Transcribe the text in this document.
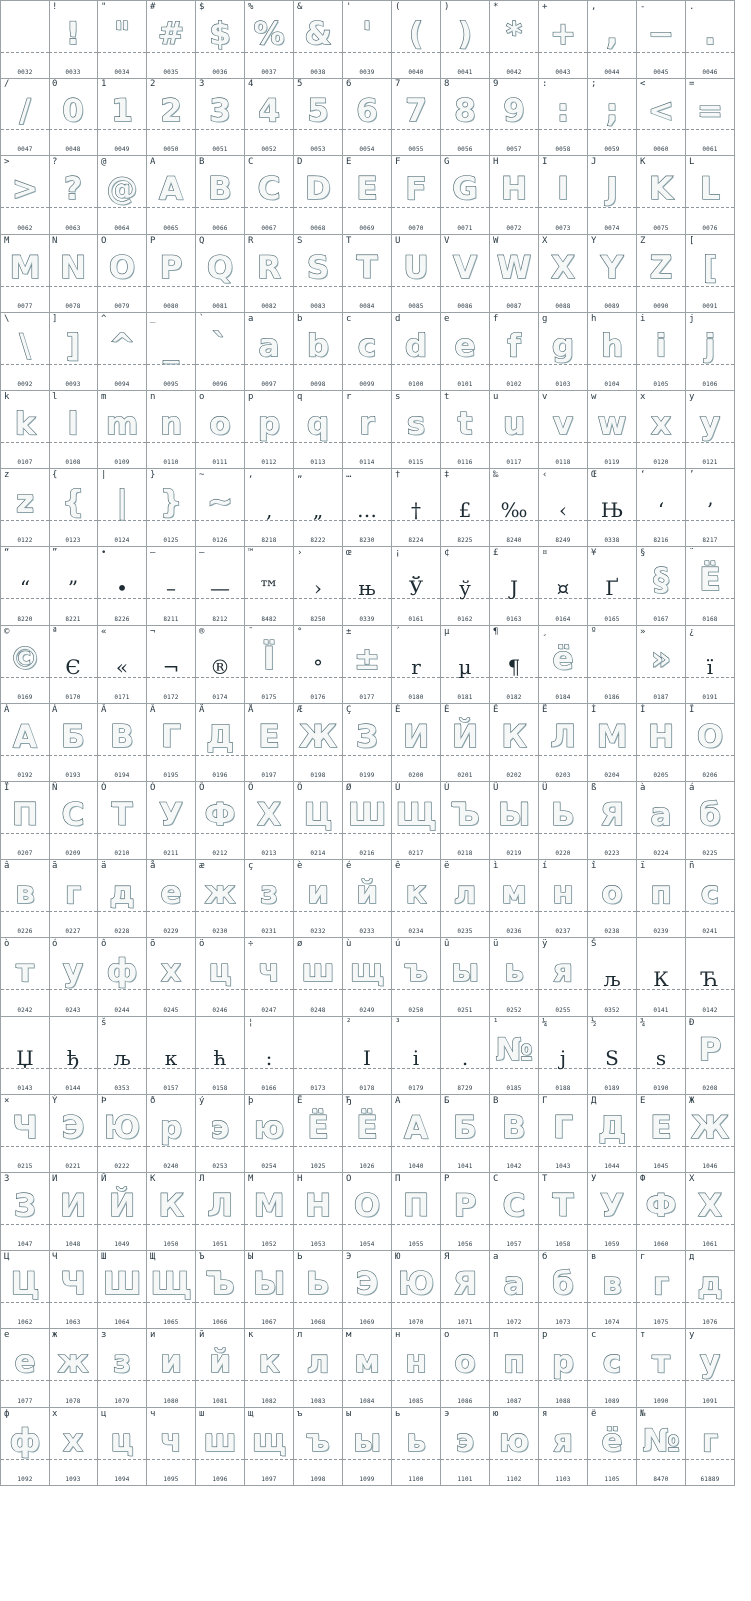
0032
!
!
0033
"
"
0034
#
#
0035
$
$
0036
%
%
0037
&
&
0038
'
'
0039
(
(
0040
)
)
0041
*
*
0042
+
+
0043
,
,
0044
-
−
0045
.
.
0046
/
/
0047
0
0
0048
1
1
0049
2
2
0050
3
3
0051
4
4
0052
5
5
0053
6
6
0054
7
7
0055
8
8
0056
9
9
0057
:
:
0058
;
;
0059
<
<
0060
=
=
0061
>
>
0062
?
?
0063
@
@
0064
A
A
0065
B
B
0066
C
C
0067
D
D
0068
E
E
0069
F
F
0070
G
G
0071
H
H
0072
I
I
0073
J
J
0074
K
K
0075
L
L
0076
M
M
0077
N
N
0078
O
O
0079
P
P
0080
Q
Q
0081
R
R
0082
S
S
0083
T
T
0084
U
U
0085
V
V
0086
W
W
0087
X
X
0088
Y
Y
0089
Z
Z
0090
[
[
0091
\
\
0092
]
]
0093
^
^
0094
_
_
0095
`
`
0096
a
a
0097
b
b
0098
c
c
0099
d
d
0100
e
e
0101
f
f
0102
g
g
0103
h
h
0104
i
i
0105
j
j
0106
k
k
0107
l
l
0108
m
m
0109
n
n
0110
o
o
0111
p
p
0112
q
q
0113
r
r
0114
s
s
0115
t
t
0116
u
u
0117
v
v
0118
w
w
0119
x
x
0120
y
y
0121
z
z
0122
{
{
0123
|
|
0124
}
}
0125
~
~
0126
‚
‚
8218
„
„
8222
…
…
8230
†
†
8224
‡
£
8225
‰
‰
8240
‹
‹
8249
Œ
Њ
0338
‘
‘
8216
’
’
8217
“
“
8220
”
”
8221
•
•
8226
–
–
8211
—
—
8212
™
™
8482
›
›
8250
œ
њ
0339
¡
Ў
0161
¢
ў
0162
£
J
0163
¤
¤
0164
¥
Ґ
0165
§
§
0167
¨
Ë
0168
©
©
0169
ª
Є
0170
«
«
0171
¬
¬
0172
®
®
0174
¯
Ї
0175
°
°
0176
±
±
0177
´
r
0180
µ
µ
0181
¶
¶
0182
¸
ë
0184
º
0186
»
»
0187
¿
ï
0191
À
А
0192
Á
Б
0193
Â
В
0194
Ã
Г
0195
Ä
Д
0196
Å
Е
0197
Æ
Ж
0198
Ç
З
0199
È
И
0200
É
Й
0201
Ê
К
0202
Ë
Л
0203
Ì
М
0204
Í
Н
0205
Î
О
0206
Ï
П
0207
Ñ
С
0209
Ò
Т
0210
Ó
У
0211
Ô
Ф
0212
Õ
Х
0213
Ö
Ц
0214
Ø
Ш
0216
Ù
Щ
0217
Ú
Ъ
0218
Û
Ы
0219
Ü
Ь
0220
ß
Я
0223
à
а
0224
á
б
0225
â
в
0226
ã
г
0227
ä
д
0228
å
е
0229
æ
ж
0230
ç
з
0231
è
и
0232
é
й
0233
ê
к
0234
ë
л
0235
ì
м
0236
í
н
0237
î
о
0238
ï
п
0239
ñ
с
0241
ò
т
0242
ó
у
0243
ô
ф
0244
õ
х
0245
ö
ц
0246
÷
ч
0247
ø
ш
0248
ù
щ
0249
ú
ъ
0250
û
ы
0251
ü
ь
0252
ÿ
я
0255
Š
љ
0352
К
0141
Ћ
0142
Џ
0143
ђ
0144
š
љ
0353
к
0157
ћ
0158
¦
:
0166	0173
²
I
0178
³
i
0179
.
8729
¹
№
0185
¼
j
0188
½
S
0189
¾
s
0190
Ð
P
0208
×
Ч
0215
Ý
Э
0221
Þ
Ю
0222
ð
р
0240
ý
э
0253
þ
ю
0254
Ё
Ё
1025
Ђ
Ё
1026
А
А
1040
Б
Б
1041
В
В
1042
Г
Г
1043
Д
Д
1044
Е
Е
1045
Ж
Ж
1046
З
З
1047
И
И
1048
Й
Й
1049
К
К
1050
Л
Л
1051
М
М
1052
Н
Н
1053
О
О
1054
П
П
1055
Р
Р
1056
С
С
1057
Т
Т
1058
У
У
1059
Ф
Ф
1060
Х
Х
1061
Ц
Ц
1062
Ч
Ч
1063
Ш
Ш
1064
Щ
Щ
1065
Ъ
Ъ
1066
Ы
Ы
1067
Ь
Ь
1068
Э
Э
1069
Ю
Ю
1070
Я
Я
1071
а
а
1072
б
б
1073
в
в
1074
г
г
1075
д
д
1076
е
е
1077
ж
ж
1078
з
з
1079
и
и
1080
й
й
1081
к
к
1082
л
л
1083
м
м
1084
н
н
1085
о
о
1086
п
п
1087
р
р
1088
с
с
1089
т
т
1090
у
у
1091
ф
ф
1092
х
х
1093
ц
ц
1094
ч
ч
1095
ш
ш
1096
щ
щ
1097
ъ
ъ
1098
ы
ы
1099
ь
ь
1100
э
э
1101
ю
ю
1102
я
я
1103
ё
ё
1105
№
№
8470
г
61889
